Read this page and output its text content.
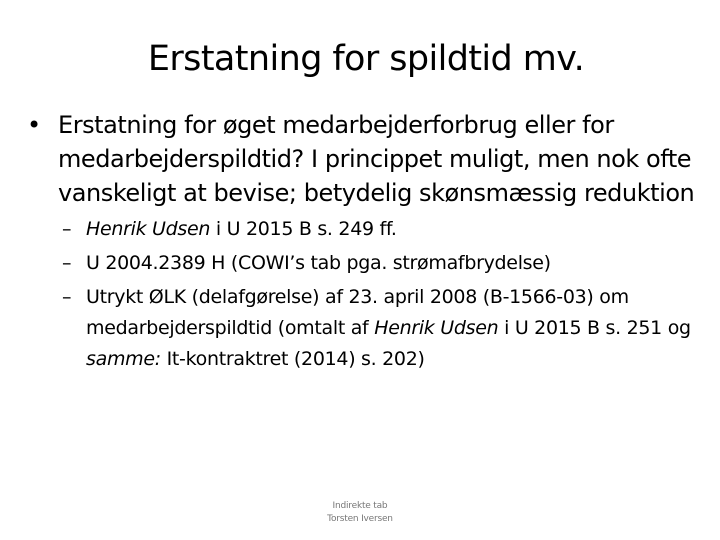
Erstatning for spildtid mv.

• Erstatning for øget medarbejderforbrug eller for medarbejderspildtid? I princippet muligt, men nok ofte vanskeligt at bevise; betydelig skønsmæssig reduktion

– Henrik Udsen i U 2015 B s. 249 ff.
– U 2004.2389 H (COWI’s tab pga. strømafbrydelse)
– Utrykt ØLK (delafgørelse) af 23. april 2008 (B-1566-03) om medarbejderspildtid (omtalt af Henrik Udsen i U 2015 B s. 251 og samme: It-kontraktret (2014) s. 202)
Indirekte tab
Torsten Iversen
